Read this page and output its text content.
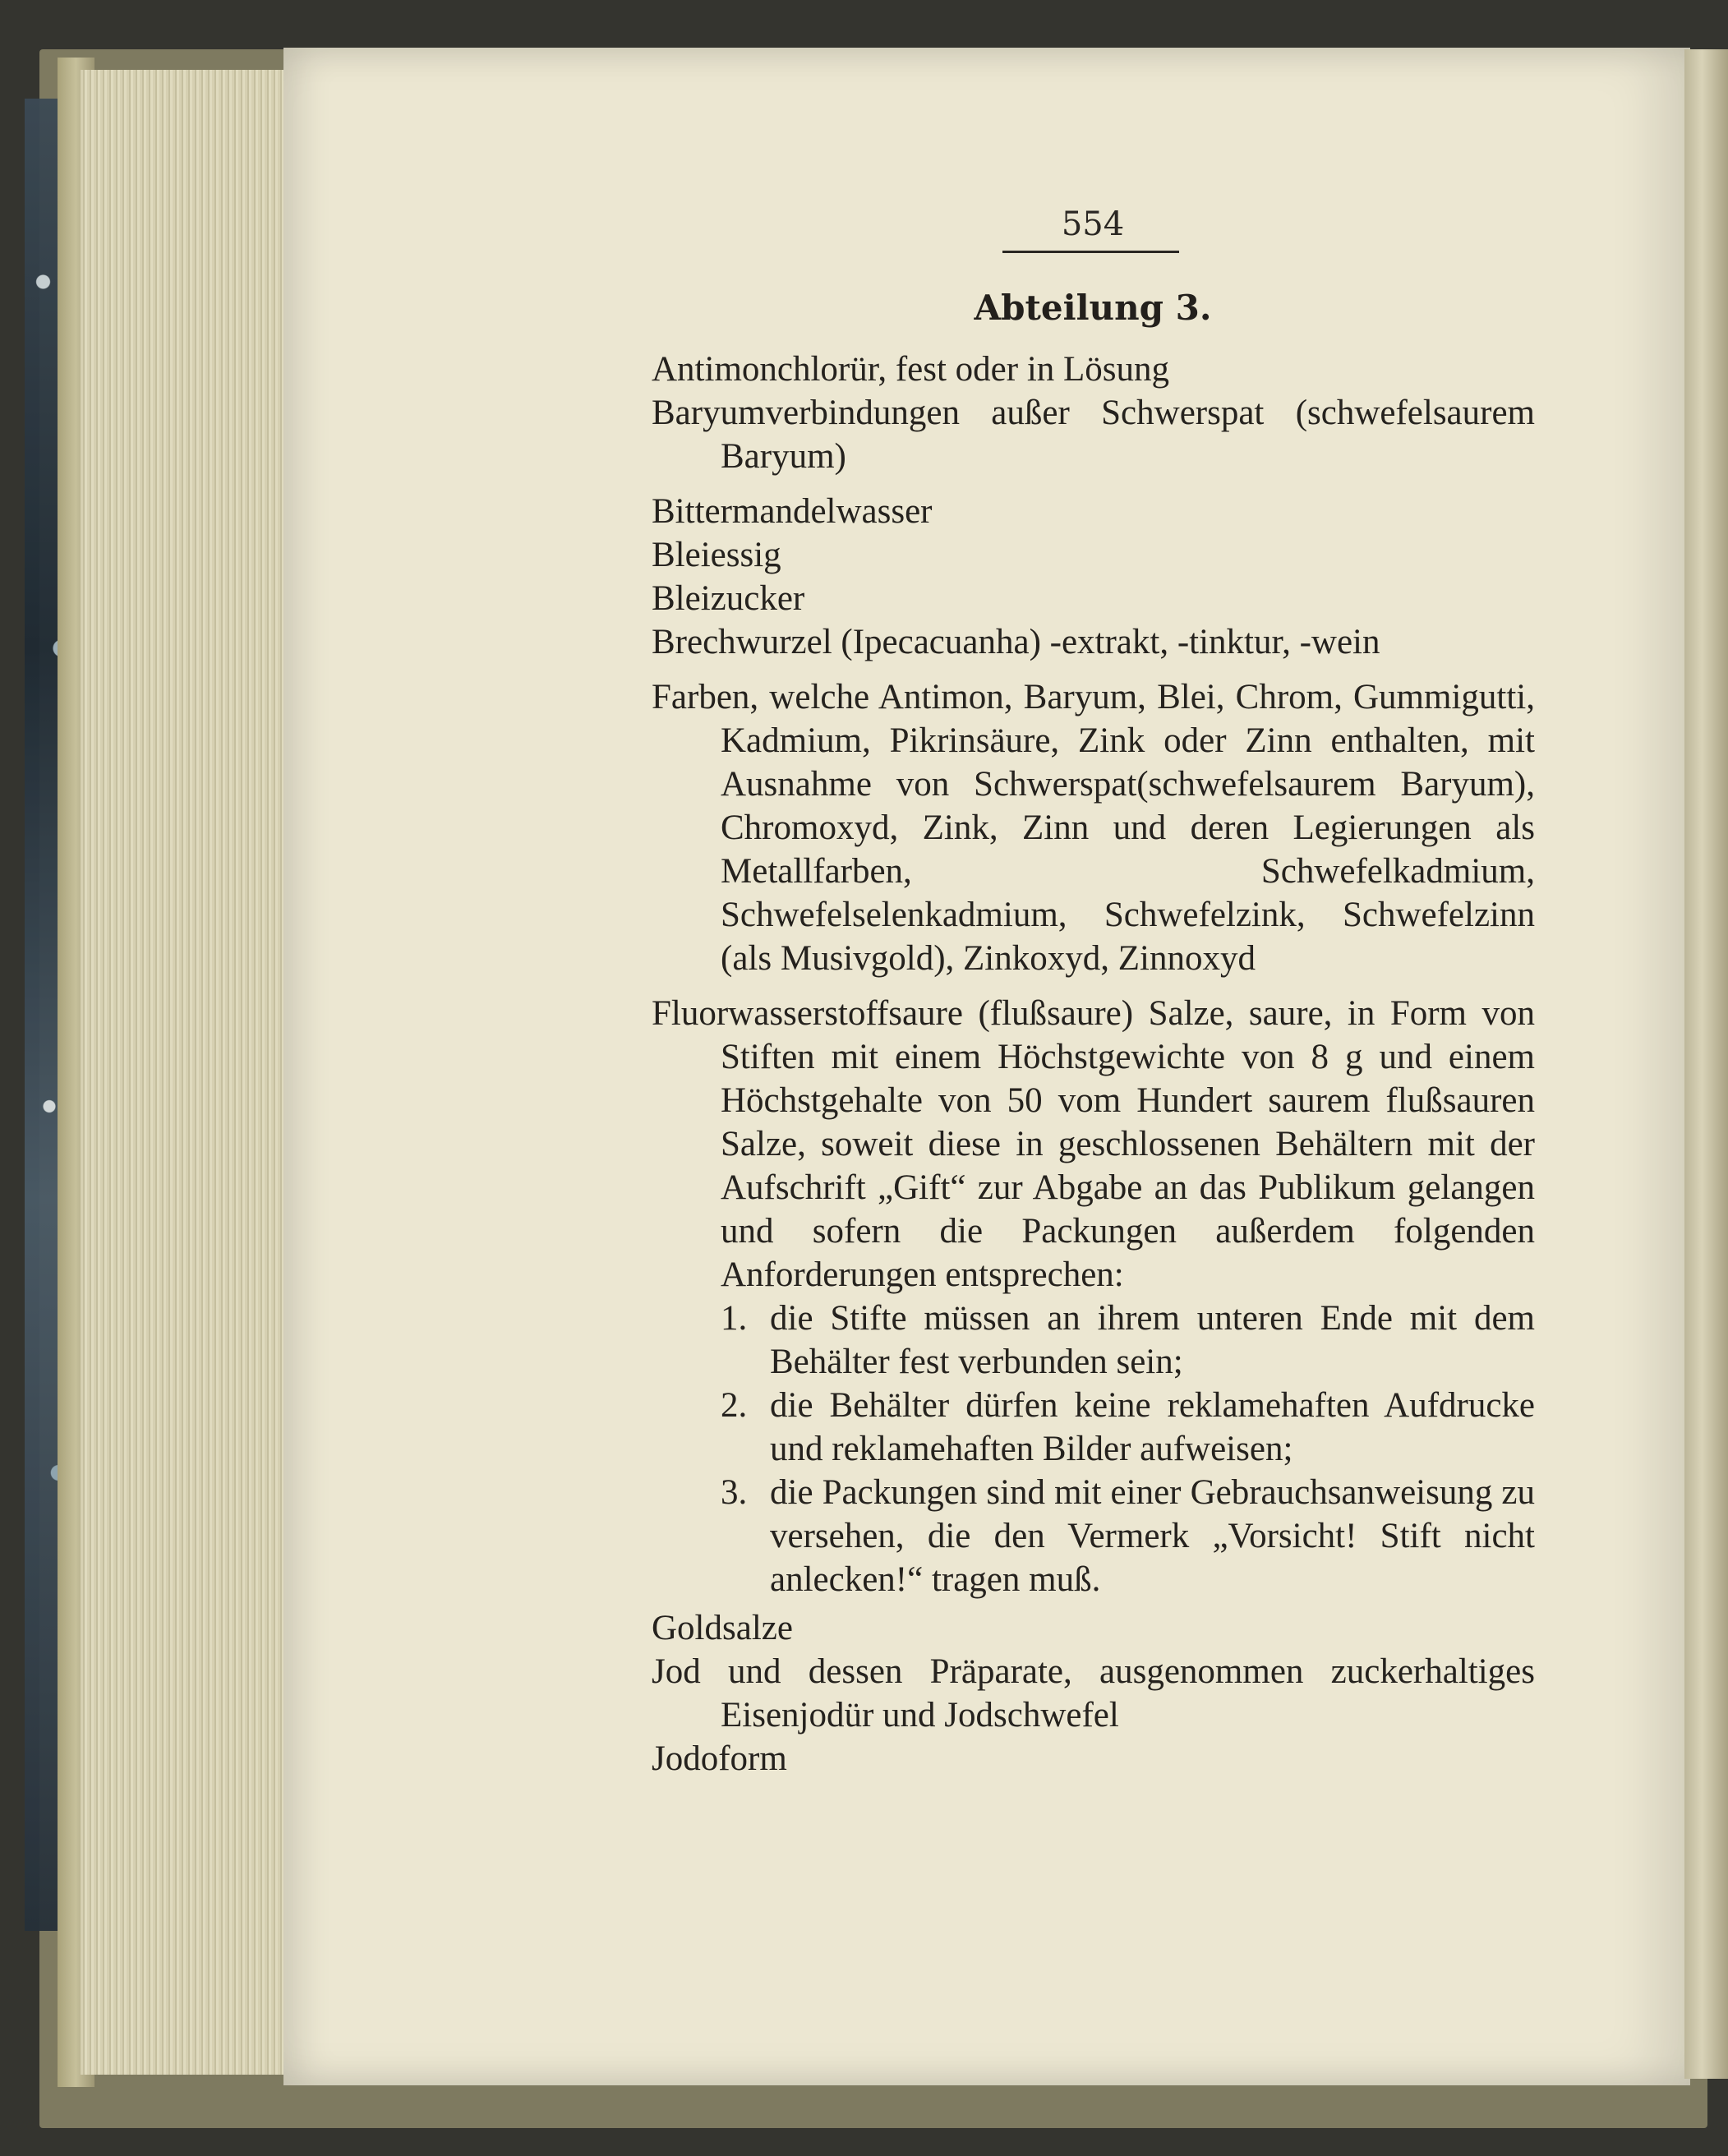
554
Abteilung 3.

Antimonchlorür, fest oder in Lösung

Baryumverbindungen außer Schwerspat (schwefelsaurem Baryum)

Bittermandelwasser

Bleiessig

Bleizucker

Brechwurzel (Ipecacuanha) -extrakt, -tinktur, -wein

Farben, welche Antimon, Baryum, Blei, Chrom, Gummigutti, Kadmium, Pikrinsäure, Zink oder Zinn enthalten, mit Ausnahme von Schwerspat(schwefelsaurem Baryum), Chromoxyd, Zink, Zinn und deren Legierungen als Metallfarben, Schwefelkadmium, Schwefelselenkadmium, Schwefelzink, Schwefelzinn (als Musivgold), Zinkoxyd, Zinnoxyd

Fluorwasserstoffsaure (flußsaure) Salze, saure, in Form von Stiften mit einem Höchstgewichte von 8 g und einem Höchstgehalte von 50 vom Hundert saurem flußsauren Salze, soweit diese in geschlossenen Behältern mit der Aufschrift „Gift“ zur Abgabe an das Publikum gelangen und sofern die Packungen außerdem folgenden Anforderungen entsprechen:

1. die Stifte müssen an ihrem unteren Ende mit dem Behälter fest verbunden sein;
2. die Behälter dürfen keine reklamehaften Aufdrucke und reklamehaften Bilder aufweisen;
3. die Packungen sind mit einer Gebrauchsanweisung zu versehen, die den Vermerk „Vorsicht! Stift nicht anlecken!“ tragen muß.

Goldsalze

Jod und dessen Präparate, ausgenommen zuckerhaltiges Eisenjodür und Jodschwefel

Jodoform
